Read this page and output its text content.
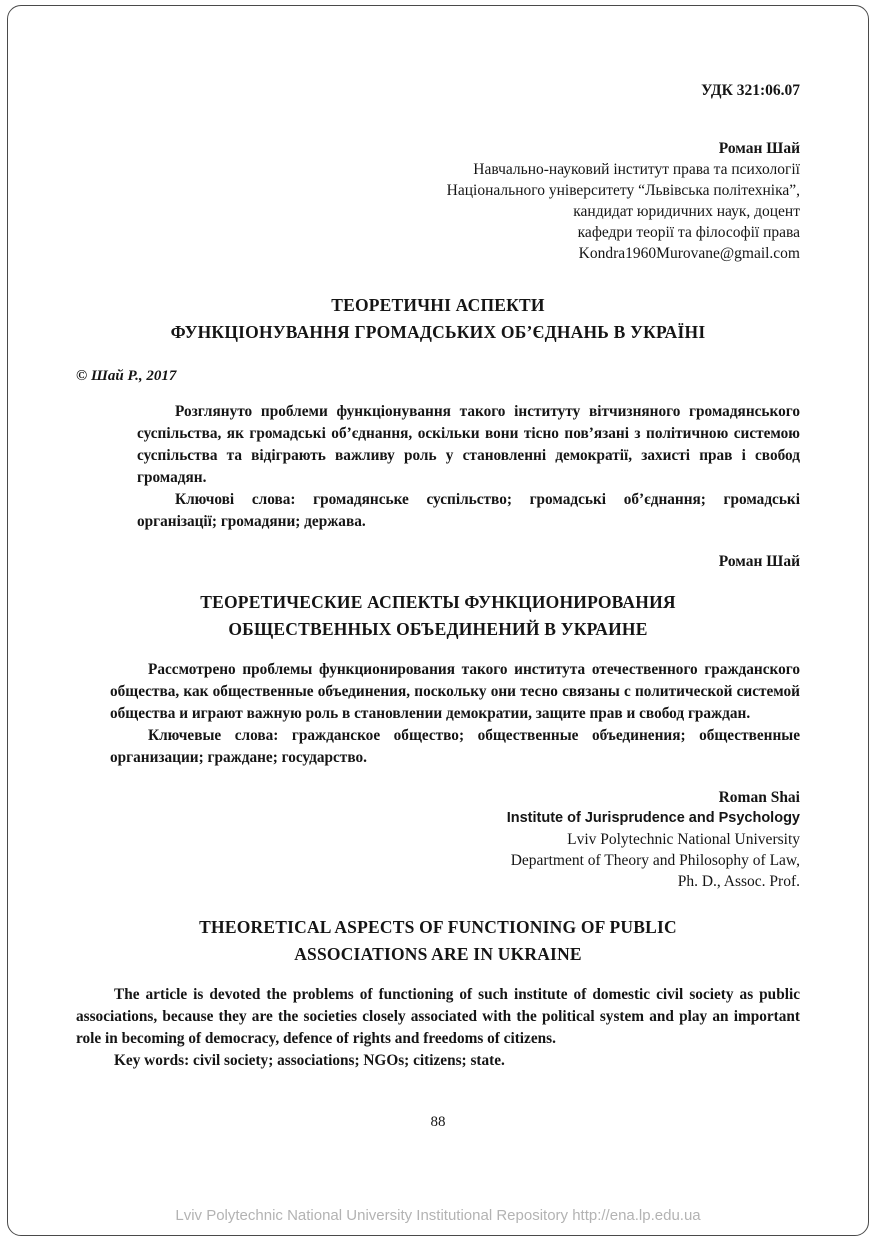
УДК 321:06.07
Роман Шай
Навчально-науковий інститут права та психології
Національного університету “Львівська політехніка”,
кандидат юридичних наук, доцент
кафедри теорії та філософії права
Kondra1960Murovane@gmail.com
ТЕОРЕТИЧНІ АСПЕКТИ
ФУНКЦІОНУВАННЯ ГРОМАДСЬКИХ ОБ’ЄДНАНЬ В УКРАЇНІ
© Шай Р., 2017

Розглянуто проблеми функціонування такого інституту вітчизняного громадянського суспільства, як громадські об’єднання, оскільки вони тісно пов’язані з політичною системою суспільства та відіграють важливу роль у становленні демократії, захисті прав і свобод громадян.

Ключові слова: громадянське суспільство; громадські об’єднання; громадські організації; громадяни; держава.

Роман Шай
ТЕОРЕТИЧЕСКИЕ АСПЕКТЫ ФУНКЦИОНИРОВАНИЯ
ОБЩЕСТВЕННЫХ ОБЪЕДИНЕНИЙ В УКРАИНЕ

Рассмотрено проблемы функционирования такого института отечественного гражданского общества, как общественные объединения, поскольку они тесно связаны с политической системой общества и играют важную роль в становлении демократии, защите прав и свобод граждан.

Ключевые слова: гражданское общество; общественные объединения; общественные организации; граждане; государство.

Roman Shai
Institute of Jurisprudence and Psychology
Lviv Polytechnic National University
Department of Theory and Philosophy of Law,
Ph. D., Assoc. Prof.
THEORETICAL ASPECTS OF FUNCTIONING OF PUBLIC
ASSOCIATIONS ARE IN UKRAINE

The article is devoted the problems of functioning of such institute of domestic civil society as public associations, because they are the societies closely associated with the political system and play an important role in becoming of democracy, defence of rights and freedoms of citizens.

Key words: civil society; associations; NGOs; citizens; state.

88
Lviv Polytechnic National University Institutional Repository http://ena.lp.edu.ua
